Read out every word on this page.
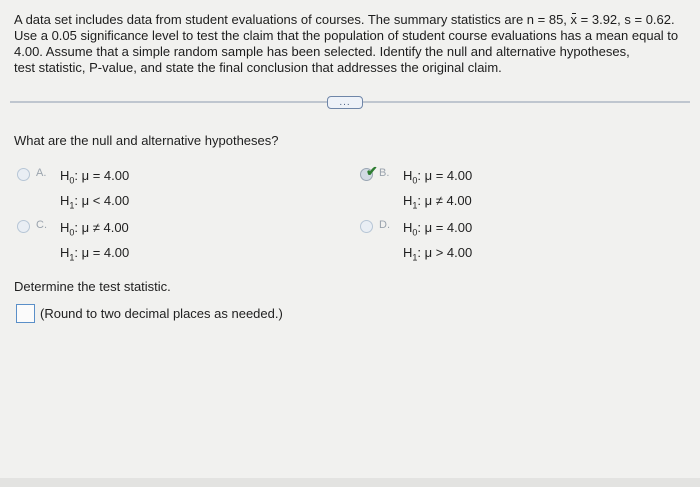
A data set includes data from student evaluations of courses. The summary statistics are n = 85, x = 3.92, s = 0.62.
Use a 0.05 significance level to test the claim that the population of student course evaluations has a mean equal to
4.00. Assume that a simple random sample has been selected. Identify the null and alternative hypotheses,
test statistic, P-value, and state the final conclusion that addresses the original claim.
...
What are the null and alternative hypotheses?
A.	$H_0$: μ = 4.00
$H_1$: μ < 4.00
✔ B.	$H_0$: μ = 4.00
$H_1$: μ ≠ 4.00
C.	$H_0$: μ ≠ 4.00
$H_1$: μ = 4.00
D.	$H_0$: μ = 4.00
$H_1$: μ > 4.00
Determine the test statistic.
(Round to two decimal places as needed.)
